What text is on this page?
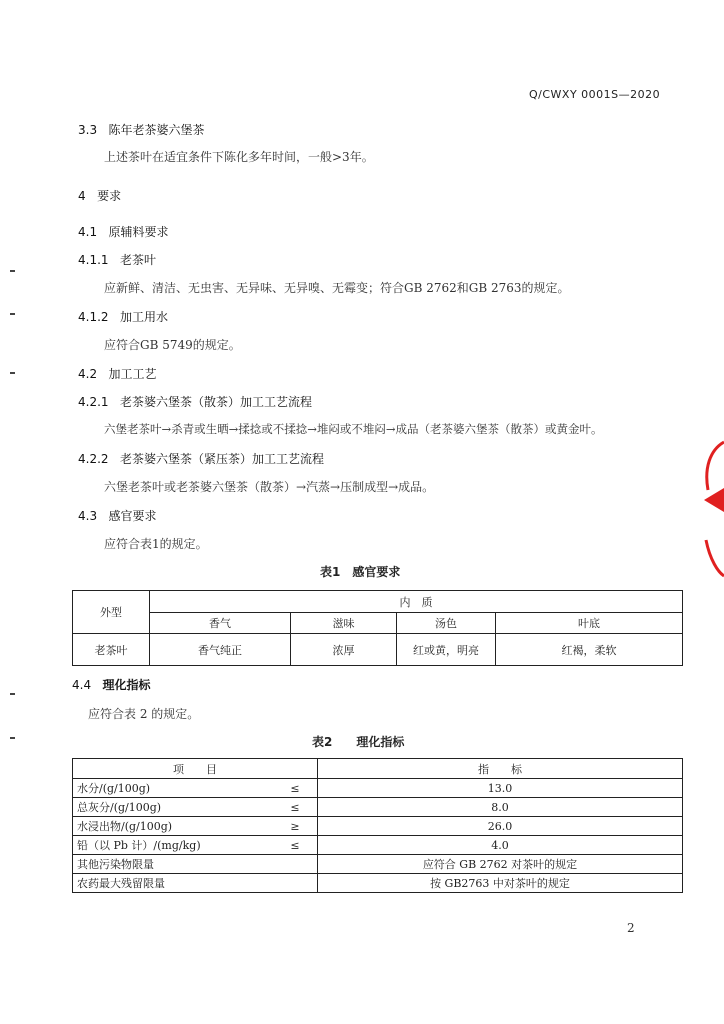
Q/CWXY 0001S—2020
3.3 陈年老茶婆六堡茶
上述茶叶在适宜条件下陈化多年时间，一般>3年。
4 要求
4.1 原辅料要求
4.1.1 老茶叶
应新鲜、清洁、无虫害、无异味、无异嗅、无霉变；符合GB 2762和GB 2763的规定。
4.1.2 加工用水
应符合GB 5749的规定。
4.2 加工工艺
4.2.1 老茶婆六堡茶（散茶）加工工艺流程
六堡老茶叶→杀青或生晒→揉捻或不揉捻→堆闷或不堆闷→成品（老茶婆六堡茶（散茶）或黄金叶。
4.2.2 老茶婆六堡茶（紧压茶）加工工艺流程
六堡老茶叶或老茶婆六堡茶（散茶）→汽蒸→压制成型→成品。
4.3 感官要求
应符合表1的规定。
表1　感官要求
外型	内　质			
	香气	滋味	汤色	叶底
老茶叶	香气纯正	浓厚	红或黄，明亮	红褐，柔软
4.4 理化指标
应符合表 2 的规定。
表2　　理化指标
项　　目		指　　标
水分/(g/100g)	≤	13.0
总灰分/(g/100g)	≤	8.0
水浸出物/(g/100g)	≥	26.0
铅（以 Pb 计）/(mg/kg)	≤	4.0
其他污染物限量		应符合 GB 2762 对茶叶的规定
农药最大残留限量		按 GB2763 中对茶叶的规定
2
